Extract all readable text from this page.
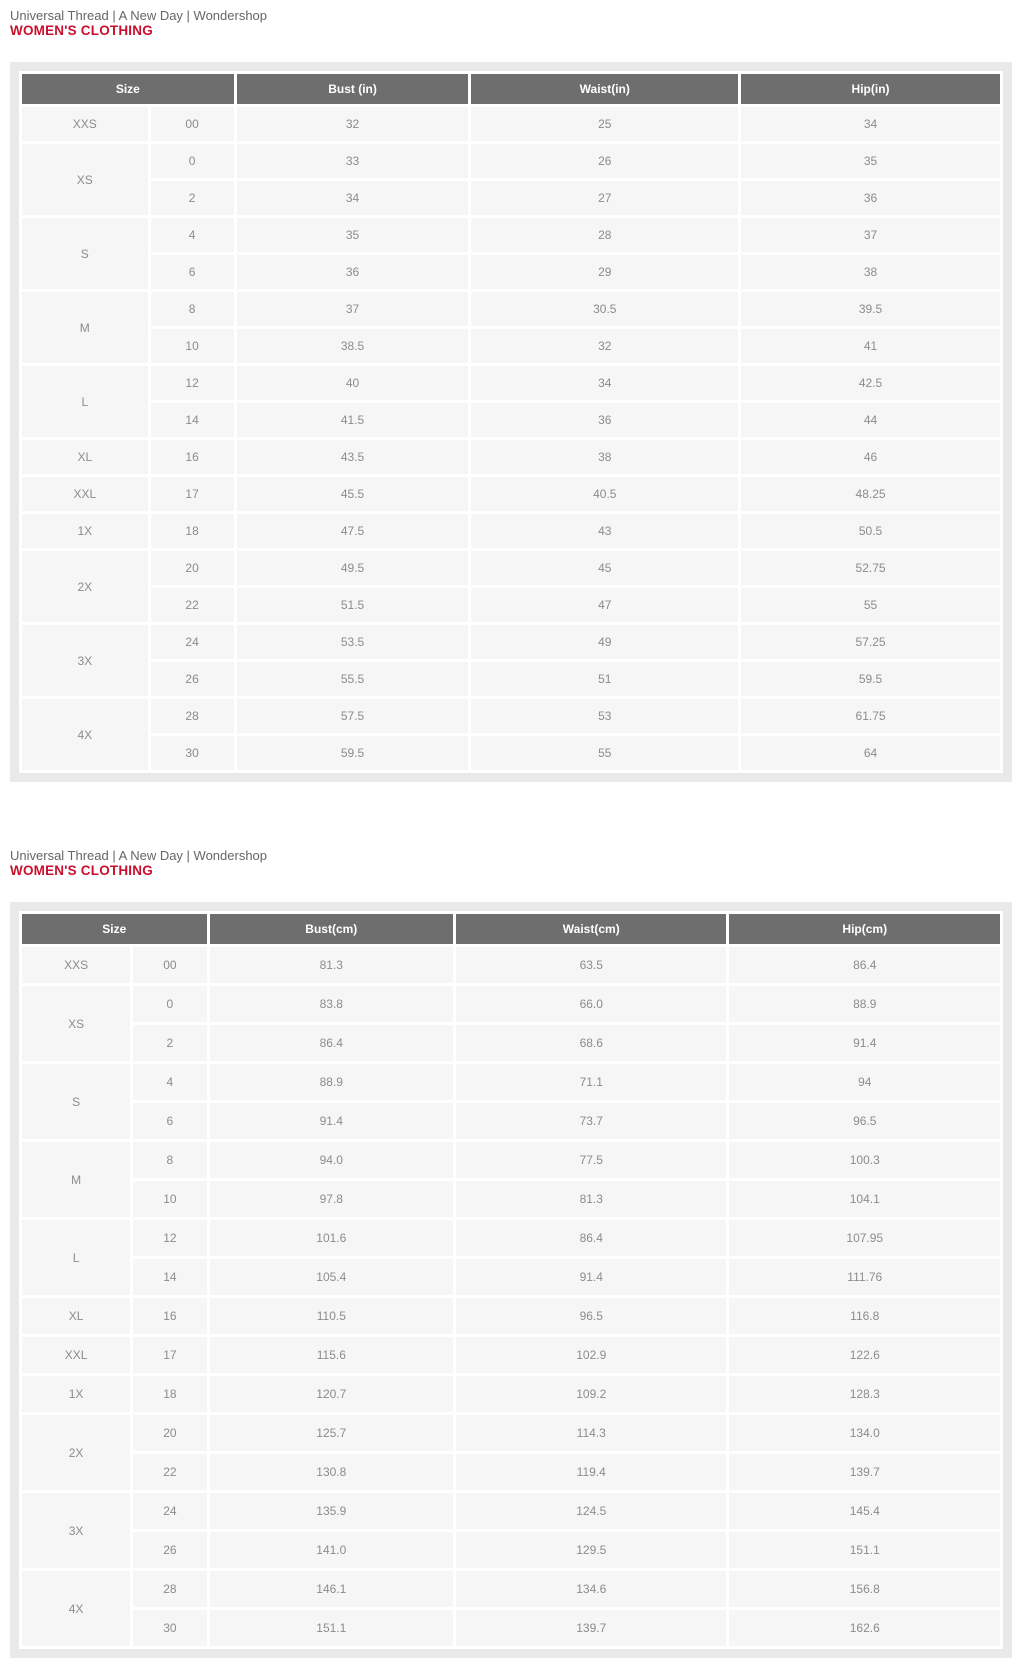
Universal Thread | A New Day | Wondershop

WOMEN'S CLOTHING

Size		Bust (in)	Waist(in)	Hip(in)
XXS	00	32	25	34
XS	0	33	26	35
	2	34	27	36
S	4	35	28	37
	6	36	29	38
M	8	37	30.5	39.5
	10	38.5	32	41
L	12	40	34	42.5
	14	41.5	36	44
XL	16	43.5	38	46
XXL	17	45.5	40.5	48.25
1X	18	47.5	43	50.5
2X	20	49.5	45	52.75
	22	51.5	47	55
3X	24	53.5	49	57.25
	26	55.5	51	59.5
4X	28	57.5	53	61.75
	30	59.5	55	64

Universal Thread | A New Day | Wondershop

WOMEN'S CLOTHING

Size		Bust(cm)	Waist(cm)	Hip(cm)
XXS	00	81.3	63.5	86.4
XS	0	83.8	66.0	88.9
	2	86.4	68.6	91.4
S	4	88.9	71.1	94
	6	91.4	73.7	96.5
M	8	94.0	77.5	100.3
	10	97.8	81.3	104.1
L	12	101.6	86.4	107.95
	14	105.4	91.4	111.76
XL	16	110.5	96.5	116.8
XXL	17	115.6	102.9	122.6
1X	18	120.7	109.2	128.3
2X	20	125.7	114.3	134.0
	22	130.8	119.4	139.7
3X	24	135.9	124.5	145.4
	26	141.0	129.5	151.1
4X	28	146.1	134.6	156.8
	30	151.1	139.7	162.6
